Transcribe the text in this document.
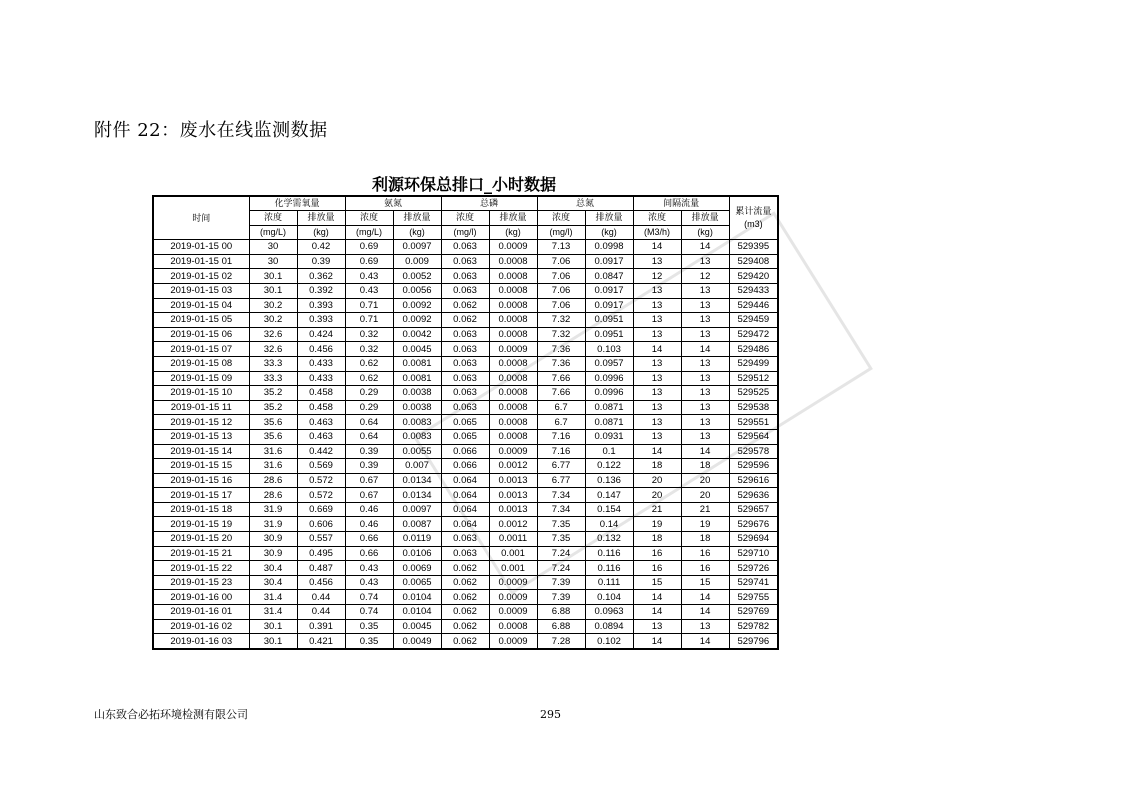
附件 22：废水在线监测数据
利源环保总排口_小时数据
时间	化学需氧量		氨氮		总磷		总氮		间隔流量		累计流量
(m3)
	浓度	排放量	浓度	排放量	浓度	排放量	浓度	排放量	浓度	排放量	
	(mg/L)	(kg)	(mg/L)	(kg)	(mg/l)	(kg)	(mg/l)	(kg)	(M3/h)	(kg)	
2019-01-15 00	30	0.42	0.69	0.0097	0.063	0.0009	7.13	0.0998	14	14	529395
2019-01-15 01	30	0.39	0.69	0.009	0.063	0.0008	7.06	0.0917	13	13	529408
2019-01-15 02	30.1	0.362	0.43	0.0052	0.063	0.0008	7.06	0.0847	12	12	529420
2019-01-15 03	30.1	0.392	0.43	0.0056	0.063	0.0008	7.06	0.0917	13	13	529433
2019-01-15 04	30.2	0.393	0.71	0.0092	0.062	0.0008	7.06	0.0917	13	13	529446
2019-01-15 05	30.2	0.393	0.71	0.0092	0.062	0.0008	7.32	0.0951	13	13	529459
2019-01-15 06	32.6	0.424	0.32	0.0042	0.063	0.0008	7.32	0.0951	13	13	529472
2019-01-15 07	32.6	0.456	0.32	0.0045	0.063	0.0009	7.36	0.103	14	14	529486
2019-01-15 08	33.3	0.433	0.62	0.0081	0.063	0.0008	7.36	0.0957	13	13	529499
2019-01-15 09	33.3	0.433	0.62	0.0081	0.063	0.0008	7.66	0.0996	13	13	529512
2019-01-15 10	35.2	0.458	0.29	0.0038	0.063	0.0008	7.66	0.0996	13	13	529525
2019-01-15 11	35.2	0.458	0.29	0.0038	0.063	0.0008	6.7	0.0871	13	13	529538
2019-01-15 12	35.6	0.463	0.64	0.0083	0.065	0.0008	6.7	0.0871	13	13	529551
2019-01-15 13	35.6	0.463	0.64	0.0083	0.065	0.0008	7.16	0.0931	13	13	529564
2019-01-15 14	31.6	0.442	0.39	0.0055	0.066	0.0009	7.16	0.1	14	14	529578
2019-01-15 15	31.6	0.569	0.39	0.007	0.066	0.0012	6.77	0.122	18	18	529596
2019-01-15 16	28.6	0.572	0.67	0.0134	0.064	0.0013	6.77	0.136	20	20	529616
2019-01-15 17	28.6	0.572	0.67	0.0134	0.064	0.0013	7.34	0.147	20	20	529636
2019-01-15 18	31.9	0.669	0.46	0.0097	0.064	0.0013	7.34	0.154	21	21	529657
2019-01-15 19	31.9	0.606	0.46	0.0087	0.064	0.0012	7.35	0.14	19	19	529676
2019-01-15 20	30.9	0.557	0.66	0.0119	0.063	0.0011	7.35	0.132	18	18	529694
2019-01-15 21	30.9	0.495	0.66	0.0106	0.063	0.001	7.24	0.116	16	16	529710
2019-01-15 22	30.4	0.487	0.43	0.0069	0.062	0.001	7.24	0.116	16	16	529726
2019-01-15 23	30.4	0.456	0.43	0.0065	0.062	0.0009	7.39	0.111	15	15	529741
2019-01-16 00	31.4	0.44	0.74	0.0104	0.062	0.0009	7.39	0.104	14	14	529755
2019-01-16 01	31.4	0.44	0.74	0.0104	0.062	0.0009	6.88	0.0963	14	14	529769
2019-01-16 02	30.1	0.391	0.35	0.0045	0.062	0.0008	6.88	0.0894	13	13	529782
2019-01-16 03	30.1	0.421	0.35	0.0049	0.062	0.0009	7.28	0.102	14	14	529796
山东致合必拓环境检测有限公司	295
